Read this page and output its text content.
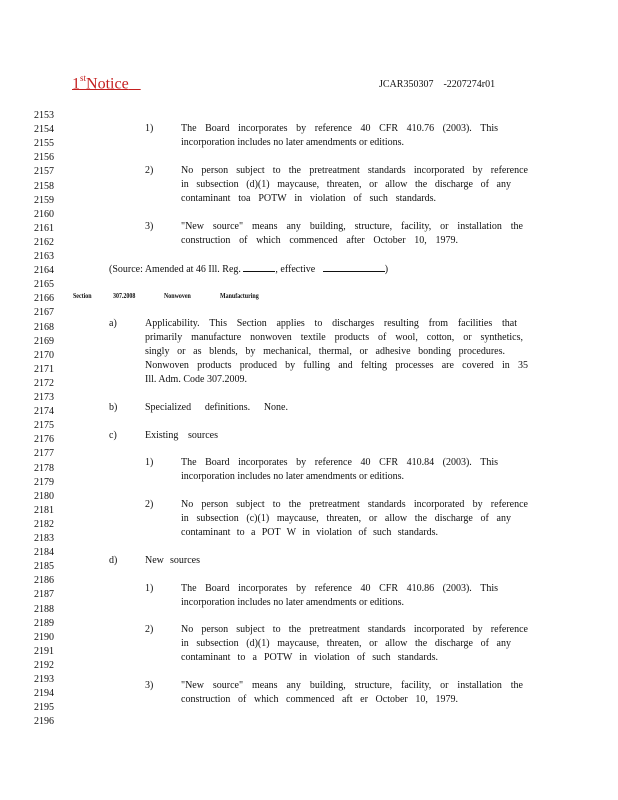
1stNotice	JCAR350307    -2207274r01
2153
2154
2155
2156
2157
2158
2159
2160
2161
2162
2163
2164
2165
2166
2167
2168
2169
2170
2171
2172
2173
2174
2175
2176
2177
2178
2179
2180
2181
2182
2183
2184
2185
2186
2187
2188
2189
2190
2191
2192
2193
2194
2195
2196
1)	The Board incorporates by reference 40 CFR 410.76 (2003). This
incorporation includes no later amendments or editions.
2)	No person subject to the pretreatment standards incorporated by reference
in subsection (d)(1) maycause, threaten, or allow the discharge of any
contaminant toa POTW in violation of such standards.
3)	"New source" means any building, structure, facility, or installation the
construction of which commenced after October 10, 1979.
(Source: Amended at 46 Ill. Reg.	, effective	)
Section	307.2008	Nonwoven	Manufacturing
a)	Applicability. This Section applies to discharges resulting from facilities that
primarily manufacture nonwoven textile products of wool, cotton, or synthetics,
singly or as blends, by mechanical, thermal, or adhesive bonding procedures.
Nonwoven products produced by fulling and felting processes are covered in 35
Ill. Adm. Code 307.2009.
b)	Specialized definitions. None.
c)	Existing sources
1)	The Board incorporates by reference 40 CFR 410.84 (2003). This
incorporation includes no later amendments or editions.
2)	No person subject to the pretreatment standards incorporated by reference
in subsection (c)(1) maycause, threaten, or allow the discharge of any
contaminant to a POT W in violation of such standards.
d)	New sources
1)	The Board incorporates by reference 40 CFR 410.86 (2003). This
incorporation includes no later amendments or editions.
2)	No person subject to the pretreatment standards incorporated by reference
in subsection (d)(1) maycause, threaten, or allow the discharge of any
contaminant to a POTW in violation of such standards.
3)	"New source" means any building, structure, facility, or installation the
construction of which commenced aft er October 10, 1979.
